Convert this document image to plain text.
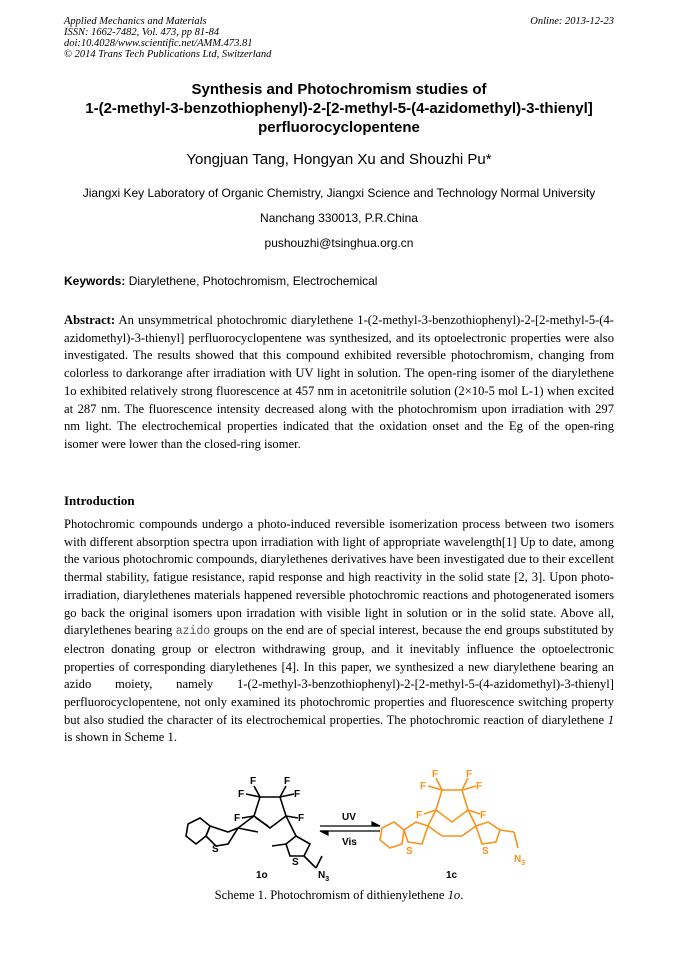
Applied Mechanics and Materials
ISSN: 1662-7482, Vol. 473, pp 81-84
doi:10.4028/www.scientific.net/AMM.473.81
© 2014 Trans Tech Publications Ltd, Switzerland
Online: 2013-12-23
Synthesis and Photochromism studies of
1-(2-methyl-3-benzothiophenyl)-2-[2-methyl-5-(4-azidomethyl)-3-thienyl]
perfluorocyclopentene
Yongjuan Tang, Hongyan Xu and Shouzhi Pu*
Jiangxi Key Laboratory of Organic Chemistry, Jiangxi Science and Technology Normal University
Nanchang 330013, P.R.China
pushouzhi@tsinghua.org.cn
Keywords: Diarylethene, Photochromism, Electrochemical
Abstract: An unsymmetrical photochromic diarylethene 1-(2-methyl-3-benzothiophenyl)-2-[2-methyl-5-(4-azidomethyl)-3-thienyl] perfluorocyclopentene was synthesized, and its optoelectronic properties were also investigated. The results showed that this compound exhibited reversible photochromism, changing from colorless to darkorange after irradiation with UV light in solution. The open-ring isomer of the diarylethene 1o exhibited relatively strong fluorescence at 457 nm in acetonitrile solution (2×10-5 mol L-1) when excited at 287 nm. The fluorescence intensity decreased along with the photochromism upon irradiation with 297 nm light. The electrochemical properties indicated that the oxidation onset and the Eg of the open-ring isomer were lower than the closed-ring isomer.
Introduction
Photochromic compounds undergo a photo-induced reversible isomerization process between two isomers with different absorption spectra upon irradiation with light of appropriate wavelength[1] Up to date, among the various photochromic compounds, diarylethenes derivatives have been investigated due to their excellent thermal stability, fatigue resistance, rapid response and high reactivity in the solid state [2, 3]. Upon photo-irradiation, diarylethenes materials happened reversible photochromic reactions and photogenerated isomers go back the original isomers upon irradation with visible light in solution or in the solid state. Above all, diarylethenes bearing azido groups on the end are of special interest, because the end groups substituted by electron donating group or electron withdrawing group, and it inevitably influence the optoelectronic properties of corresponding diarylethenes [4]. In this paper, we synthesized a new diarylethene bearing an azido moiety, namely 1-(2-methyl-3-benzothiophenyl)-2-[2-methyl-5-(4-azidomethyl)-3-thienyl] perfluorocyclopentene, not only examined its photochromic properties and fluorescence switching property but also studied the character of its electrochemical properties. The photochromic reaction of diarylethene 1 is shown in Scheme 1.
F
F
F
F
F	F
S
S
$N_3$
1o
UV
Vis
F
F
F
F
F	F
S	S
$N_3$
1c
Scheme 1. Photochromism of dithienylethene 1o.
